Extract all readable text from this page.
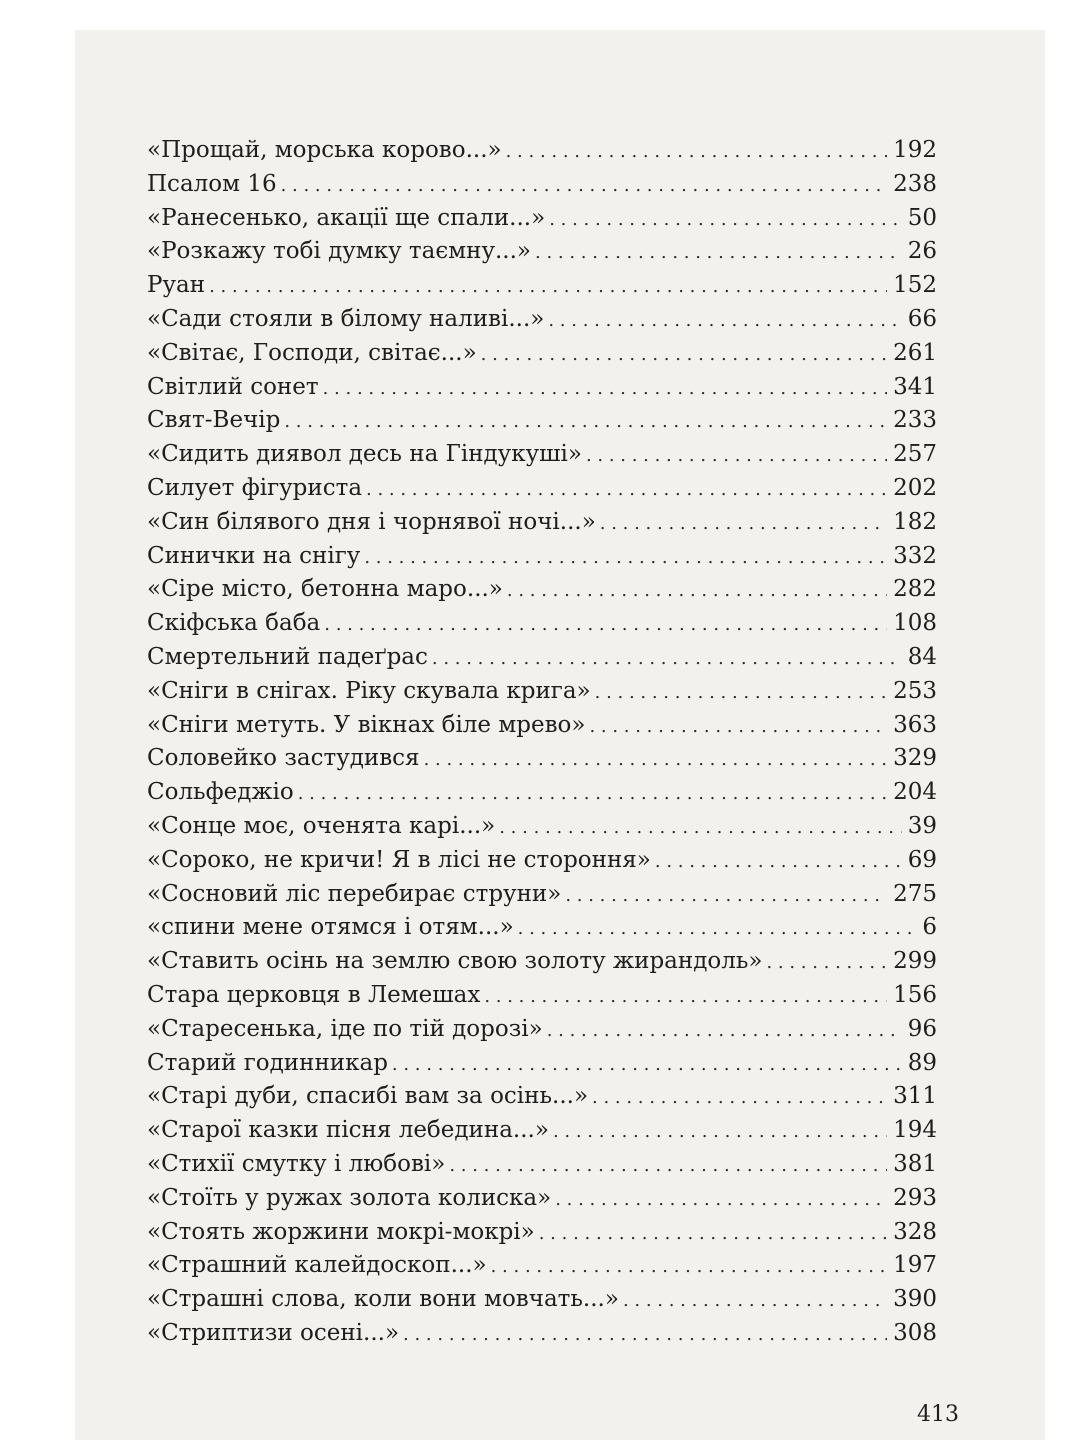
«Прощай, морська корово...» . . .	192
Псалом 16 . . .	238
«Ранесенько, акації ще спали...» . . .	50
«Розкажу тобі думку таємну...» . . .	26
Руан . . .	152
«Сади стояли в білому наливі...» . . .	66
«Світає, Господи, світає...» . . .	261
Світлий сонет . . .	341
Свят-Вечір . . .	233
«Сидить диявол десь на Гіндукуші» . . .	257
Силует фігуриста . . .	202
«Син білявого дня і чорнявої ночі...» . . .	182
Синички на снігу . . .	332
«Сіре місто, бетонна маро...» . . .	282
Скіфська баба . . .	108
Смертельний падеґрас . . .	84
«Сніги в снігах. Ріку скувала крига» . . .	253
«Сніги метуть. У вікнах біле мрево» . . .	363
Соловейко застудився . . .	329
Сольфеджіо . . .	204
«Сонце моє, оченята карі...» . . .	39
«Сороко, не кричи! Я в лісі не стороння» . . .	69
«Сосновий ліс перебирає струни» . . .	275
«спини мене отямся і отям...» . . .	6
«Ставить осінь на землю свою золоту жирандоль» . . .	299
Стара церковця в Лемешах . . .	156
«Старесенька, іде по тій дорозі» . . .	96
Старий годинникар . . .	89
«Старі дуби, спасибі вам за осінь...» . . .	311
«Старої казки пісня лебедина...» . . .	194
«Стихії смутку і любові» . . .	381
«Стоїть у ружах золота колиска» . . .	293
«Стоять жоржини мокрі-мокрі» . . .	328
«Страшний калейдоскоп...» . . .	197
«Страшні слова, коли вони мовчать...» . . .	390
«Стриптизи осені...» . . .	308
413
